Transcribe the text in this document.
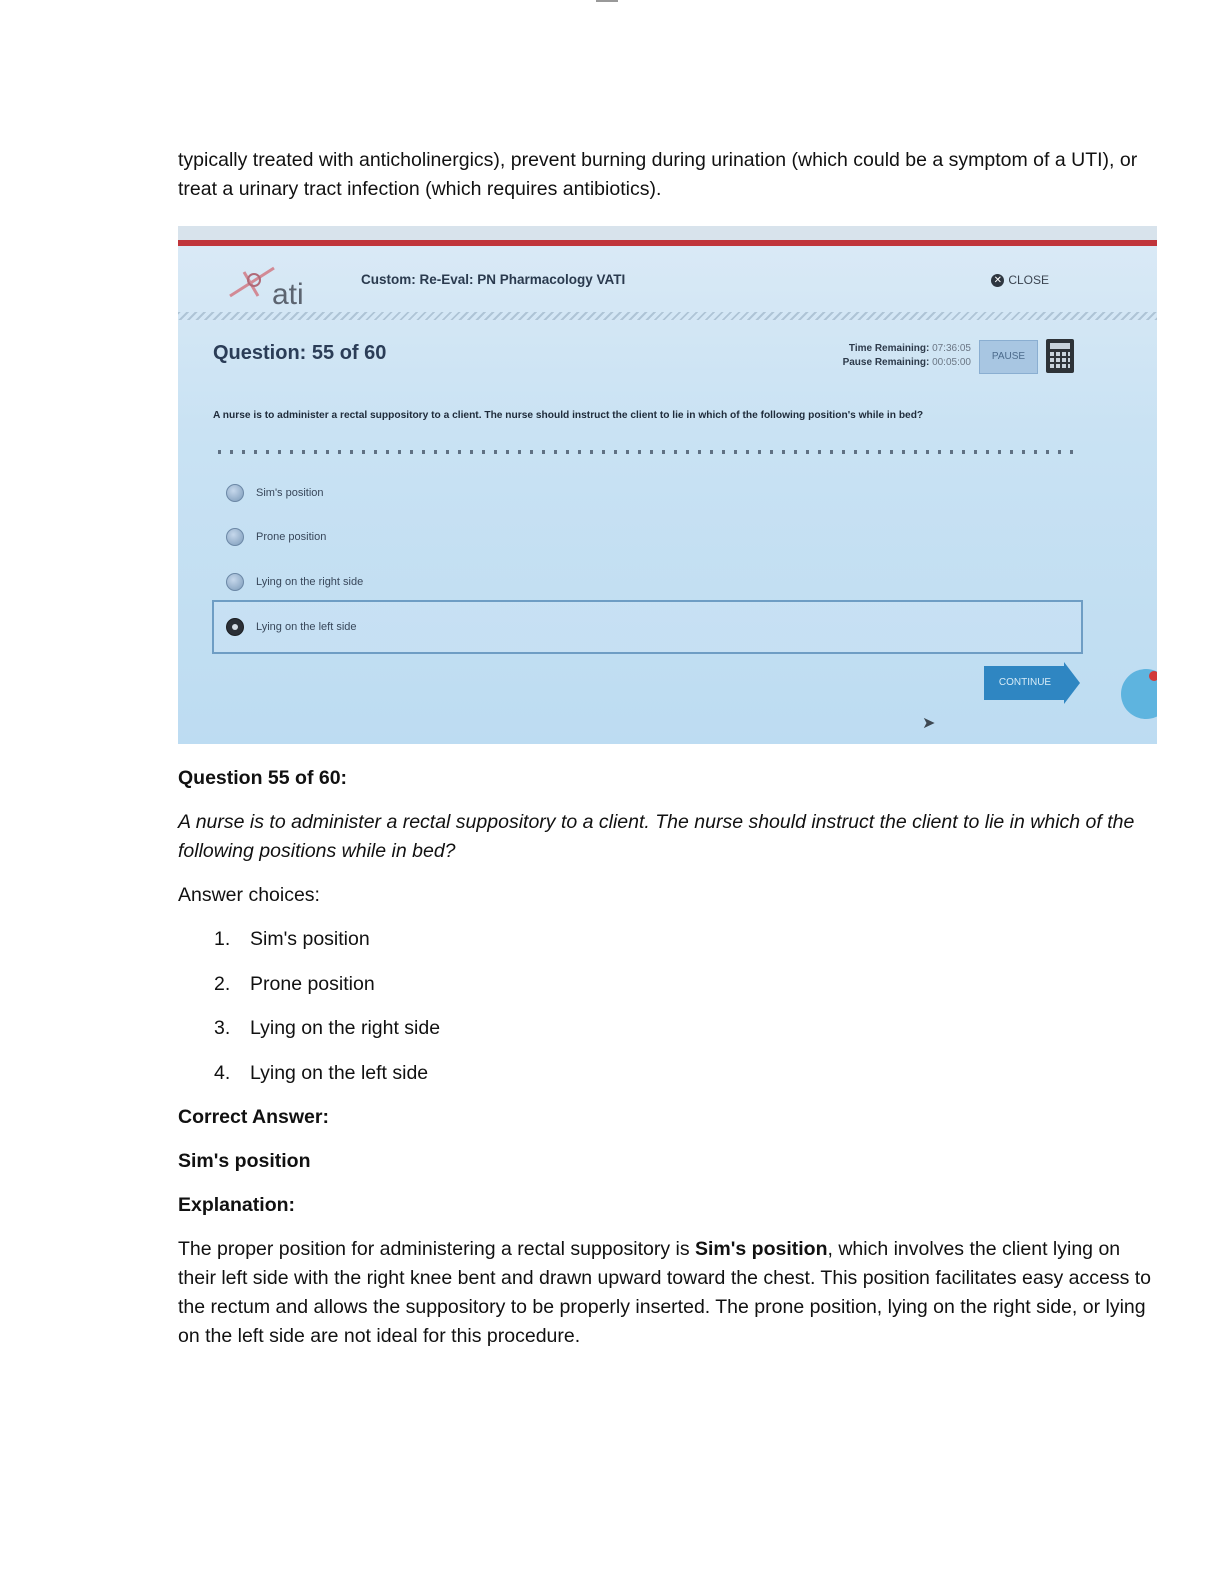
typically treated with anticholinergics), prevent burning during urination (which could be a symptom of a UTI), or treat a urinary tract infection (which requires antibiotics).

ati	Custom: Re-Eval: PN Pharmacology VATI	✕ CLOSE
Question: 55 of 60	Time Remaining: 07:36:05
Pause Remaining: 00:05:00
PAUSE
A nurse is to administer a rectal suppository to a client. The nurse should instruct the client to lie in which of the following position's while in bed?
Sim's position
Prone position
Lying on the right side
Lying on the left side
CONTINUE
➤

Question 55 of 60:

A nurse is to administer a rectal suppository to a client. The nurse should instruct the client to lie in which of the following positions while in bed?

Answer choices:

1.	Sim's position
2.	Prone position
3.	Lying on the right side
4.	Lying on the left side

Correct Answer:

Sim's position

Explanation:

The proper position for administering a rectal suppository is Sim's position, which involves the client lying on their left side with the right knee bent and drawn upward toward the chest. This position facilitates easy access to the rectum and allows the suppository to be properly inserted. The prone position, lying on the right side, or lying on the left side are not ideal for this procedure.
